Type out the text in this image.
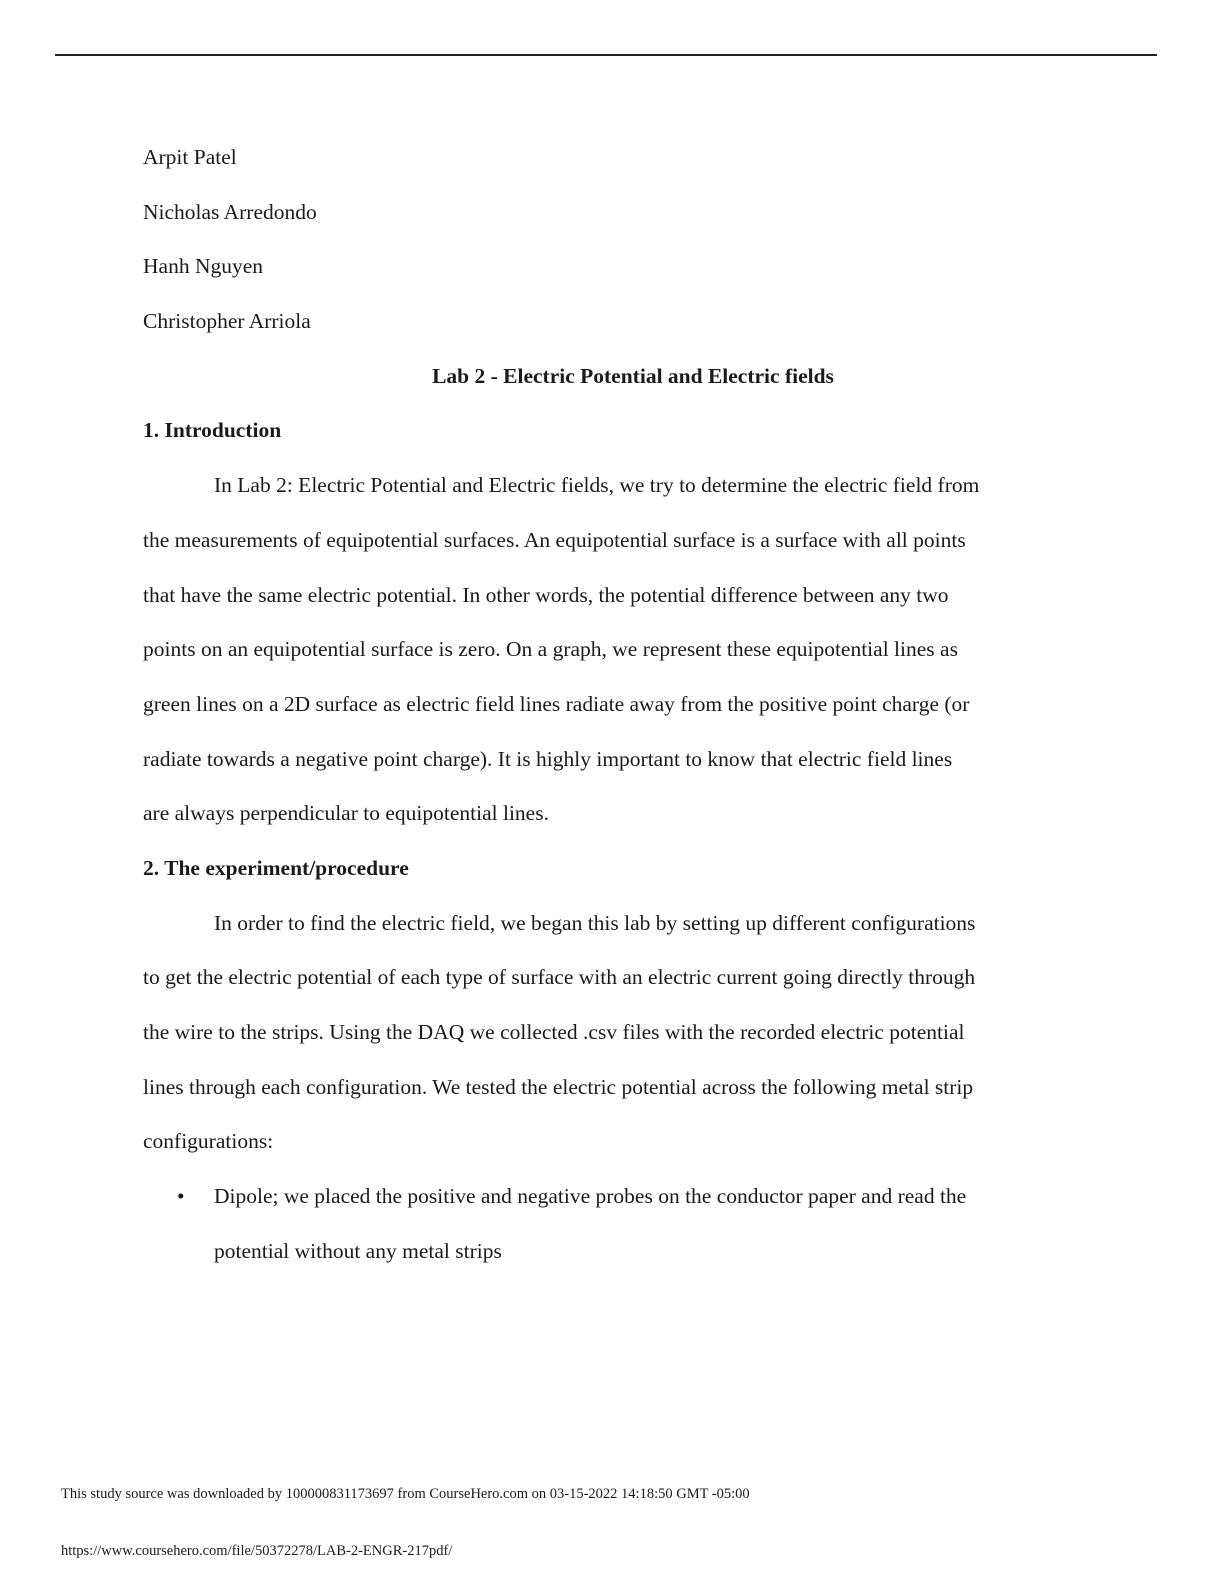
Arpit Patel
Nicholas Arredondo
Hanh Nguyen
Christopher Arriola
Lab 2 - Electric Potential and Electric fields
1. Introduction
In Lab 2: Electric Potential and Electric fields, we try to determine the electric field from
the measurements of equipotential surfaces. An equipotential surface is a surface with all points
that have the same electric potential. In other words, the potential difference between any two
points on an equipotential surface is zero. On a graph, we represent these equipotential lines as
green lines on a 2D surface as electric field lines radiate away from the positive point charge (or
radiate towards a negative point charge). It is highly important to know that electric field lines
are always perpendicular to equipotential lines.
2. The experiment/procedure
In order to find the electric field, we began this lab by setting up different configurations
to get the electric potential of each type of surface with an electric current going directly through
the wire to the strips. Using the DAQ we collected .csv files with the recorded electric potential
lines through each configuration. We tested the electric potential across the following metal strip
configurations:
• Dipole; we placed the positive and negative probes on the conductor paper and read the
potential without any metal strips
This study source was downloaded by 100000831173697 from CourseHero.com on 03-15-2022 14:18:50 GMT -05:00
https://www.coursehero.com/file/50372278/LAB-2-ENGR-217pdf/
